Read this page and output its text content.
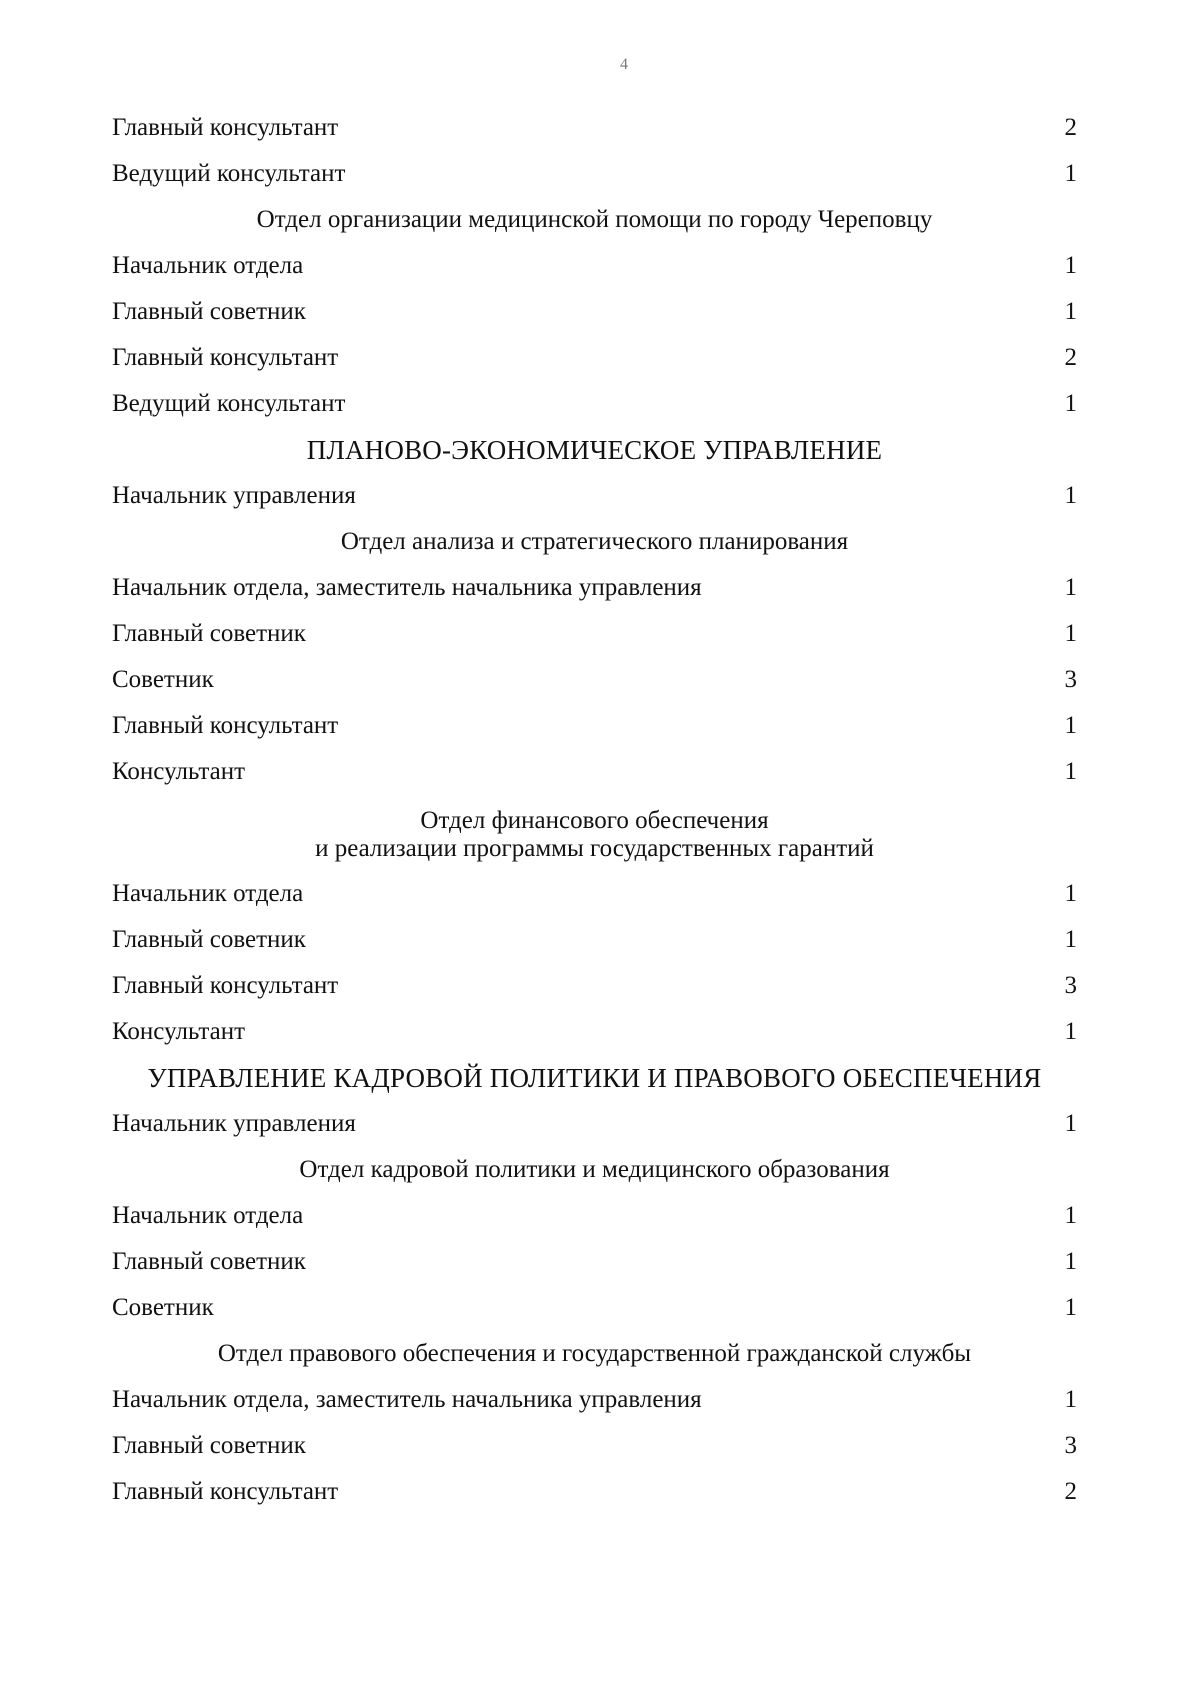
4
Главный консультант	2
Ведущий консультант	1
Отдел организации медицинской помощи по городу Череповцу
Начальник отдела	1
Главный советник	1
Главный консультант	2
Ведущий консультант	1
ПЛАНОВО-ЭКОНОМИЧЕСКОЕ УПРАВЛЕНИЕ
Начальник управления	1
Отдел анализа и стратегического планирования
Начальник отдела, заместитель начальника управления	1
Главный советник	1
Советник	3
Главный консультант	1
Консультант	1
Отдел финансового обеспечения
и реализации программы государственных гарантий
Начальник отдела	1
Главный советник	1
Главный консультант	3
Консультант	1
УПРАВЛЕНИЕ КАДРОВОЙ ПОЛИТИКИ И ПРАВОВОГО ОБЕСПЕЧЕНИЯ
Начальник управления	1
Отдел кадровой политики и медицинского образования
Начальник отдела	1
Главный советник	1
Советник	1
Отдел правового обеспечения и государственной гражданской службы
Начальник отдела, заместитель начальника управления	1
Главный советник	3
Главный консультант	2
